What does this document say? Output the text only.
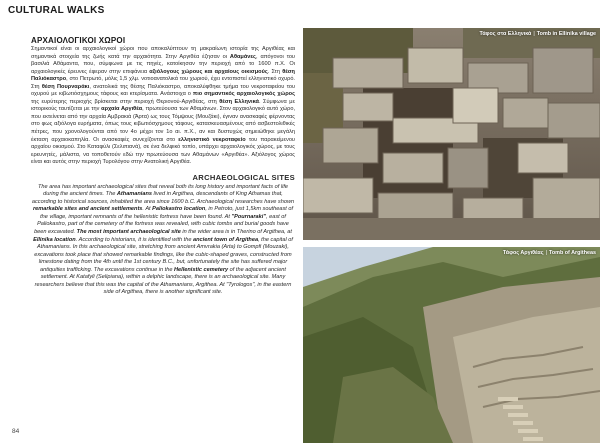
CULTURAL WALKS
ΑΡΧΑΙΟΛΟΓΙΚΟΙ ΧΩΡΟΙ

Σημαντικοί είναι οι αρχαιολογικοί χώροι που αποκαλύπτουν τη μακραίωνη ιστορία της Αργιθέας και σημαντικά στοιχεία της ζωής κατά την αρχαιότητα. Στην Αργιθέα έζησαν οι Αθαμάνες, απόγονοι του βασιλιά Αθάμαντα, που, σύμφωνα με τις πηγές, κατοίκησαν την περιοχή από το 1600 π.Χ. Οι αρχαιολογικές έρευνες έφεραν στην επιφάνεια αξιόλογους χώρους και αρχαίους οικισμούς. Στη θέση Παλιόκαστρο, στο Πετρωτό, μόλις 1,5 χλμ. νοτιοανατολικά του χωριού, έχει εντοπιστεί ελληνιστικό οχυρό. Στη θέση Πουρναράκι, ανατολικά της θέσης Παλιόκαστρο, αποκαλύφθηκε τμήμα του νεκροταφείου του οχυρού με κιβωτιόσχημους τάφους και κτερίσματα. Ανάστοιχα ο πιο σημαντικός αρχαιολογικός χώρος της ευρύτερης περιοχής βρίσκεται στην περιοχή Θεριονού-Αργιθέας, στη θέση Ελληνικά. Σύμφωνα με ιστορικούς ταυτίζεται με την αρχαία Αργιθέα, πρωτεύουσα των Αθαμάνων. Στον αρχαιολογικό αυτό χώρο, που εκτείνεται από την αρχαία Αμβρακιά (Άρτα) ως τους Τόμψους (Μουζάκι), έγιναν ανασκαφές φέρνοντας στο φως αξιόλογα ευρήματα, όπως τους κιβωτιόσχημους τάφους, κατασκευασμένους από ασβεστολιθικές πέτρες, που χρονολογούνται από τον 4ο μέχρι τον 1ο αι. π.Χ., αν και δυστυχώς σημειώθηκε μεγάλη έκταση αρχαιοκαπηλία. Οι ανασκαφές συνεχίζονται στο ελληνιστικό νεκροταφείο του παρακείμενου αρχαίου οικισμού. Στο Καταφύλι (Σελιπιανά), σε ένα δελφικό τοπίο, υπάρχει αρχαιολογικός χώρος, με τους ερευνητές, μάλιστα, να τοποθετούν εδώ την πρωτεύουσα των Αθαμάνων «Αργιθέα». Αξιόλογος χώρος είναι και αυτός στην περιοχή Τυρολόγου στην Ανατολική Αργιθέα.

ARCHAEOLOGICAL SITES

The area has important archaeological sites that reveal both its long history and important facts of life during the ancient times. The Athamanians lived in Argithea, descendants of King Athamas that, according to historical sources, inhabited the area since 1600 b.C. Archaeological researches have shown remarkable sites and ancient settlements. At Paliokastro location, in Petroto, just 1,5km southeast of the village, important remnants of the hellenistic fortress have been found. At "Pournaraki", east of Paliokastro, part of the cemetery of the fortress was revealed, with cubic tombs and burial goods have been excavated. The most important archaeological site in the wider area is in Therino of Argithea, at Ellinika location. According to historians, it is identified with the ancient town of Argithea, the capital of Athamanians. In this archaeological site, stretching from ancient Amvrakia (Arta) to Gompfi (Mouzaki), excavations took place that showed remarkable findings, like the cubic-shaped graves, constructed from limestone dating from the 4th until the 1st century B.C., but, unfortunately the site has suffered major antiquities trafficking. The excavations continue in the Hellenistic cemetery of the adjacent ancient settlement. At Katafyli (Selipiana), within a delphic landscape, there is an archaeological site. Many researchers believe that this was the capital of the Athamanians, Argithea. At "Tyrologos", in the eastern side of Argithea, there is another significant site.

84
Τάφος στα Ελληνικά | Tomb in Ellinika village
Τάφος Αργιθέας | Tomb of Argitheas
